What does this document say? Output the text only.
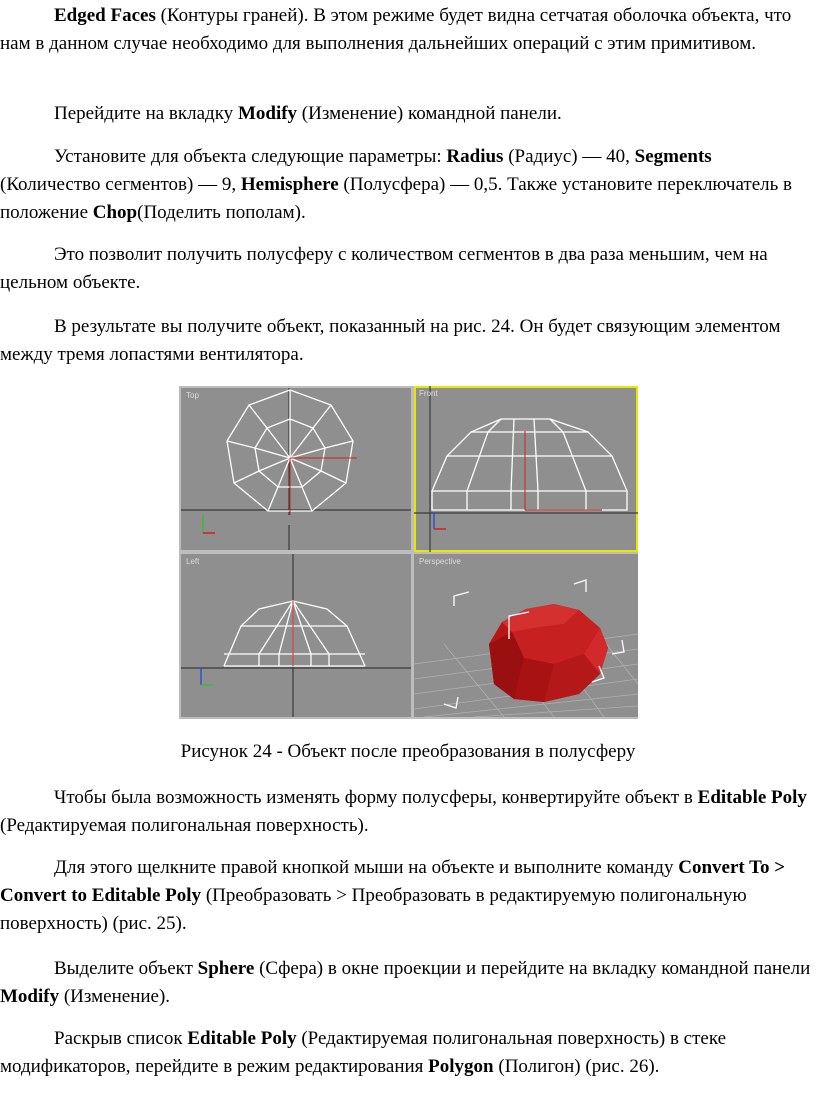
Edged Faces (Контуры граней). В этом режиме будет видна сетчатая оболочка объекта, что нам в данном случае необходимо для выполнения дальнейших операций с этим примитивом.

Перейдите на вкладку Modify (Изменение) командной панели.

Установите для объекта следующие параметры: Radius (Радиус) — 40, Segments (Количество сегментов) — 9, Hemisphere (Полусфера) — 0,5. Также установите переключатель в положение Chop(Поделить пополам).

Это позволит получить полусферу с количеством сегментов в два раза меньшим, чем на цельном объекте.

В результате вы получите объект, показанный на рис. 24. Он будет связующим элементом между тремя лопастями вентилятора.

Top	Front
Left	Perspective
Рисунок 24 - Объект после преобразования в полусферу

Чтобы была возможность изменять форму полусферы, конвертируйте объект в Editable Poly (Редактируемая полигональная поверхность).

Для этого щелкните правой кнопкой мыши на объекте и выполните команду Convert To > Convert to Editable Poly (Преобразовать > Преобразовать в редактируемую полигональную поверхность) (рис. 25).

Выделите объект Sphere (Сфера) в окне проекции и перейдите на вкладку командной панели Modify (Изменение).

Раскрыв список Editable Poly (Редактируемая полигональная поверхность) в стеке модификаторов, перейдите в режим редактирования Polygon (Полигон) (рис. 26).
